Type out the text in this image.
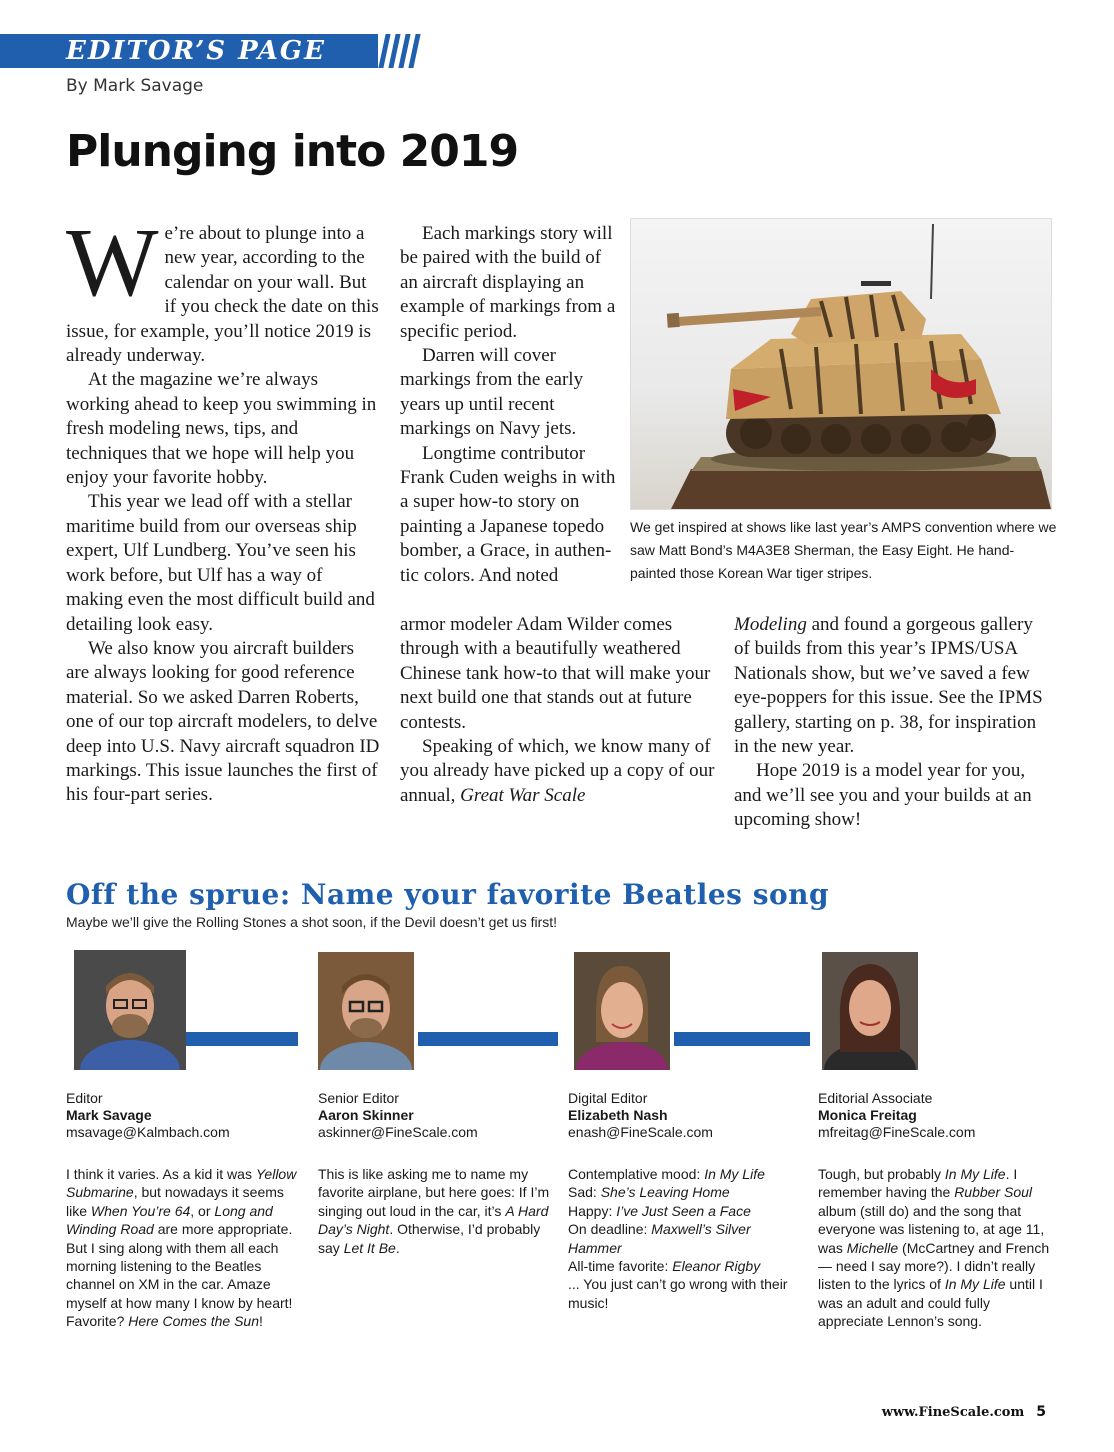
EDITOR’S PAGE
By Mark Savage
Plunging into 2019

We’re about to plunge into a new year, according to the calendar on your wall. But if you check the date on this issue, for example, you’ll notice 2019 is already underway.

At the magazine we’re always working ahead to keep you swimming in fresh modeling news, tips, and techniques that we hope will help you enjoy your favorite hobby.

This year we lead off with a stellar maritime build from our overseas ship expert, Ulf Lundberg. You’ve seen his work before, but Ulf has a way of making even the most difficult build and detailing look easy.

We also know you aircraft builders are always looking for good reference material. So we asked Darren Roberts, one of our top aircraft modelers, to delve deep into U.S. Navy aircraft squadron ID markings. This issue launches the first of his four-part series.

Each markings story will be paired with the build of an aircraft displaying an example of markings from a specific period.

Darren will cover markings from the early years up until recent markings on Navy jets.

Longtime contributor Frank Cuden weighs in with a super how-to story on painting a Japanese topedo bomber, a Grace, in authentic colors. And noted

armor modeler Adam Wilder comes through with a beautifully weathered Chinese tank how-to that will make your next build one that stands out at future contests.

Speaking of which, we know many of you already have picked up a copy of our annual, Great War Scale

Modeling and found a gorgeous gallery of builds from this year’s IPMS/USA Nationals show, but we’ve saved a few eye-poppers for this issue. See the IPMS gallery, starting on p. 38, for inspiration in the new year.

Hope 2019 is a model year for you, and we’ll see you and your builds at an upcoming show!

We get inspired at shows like last year’s AMPS convention where we saw Matt Bond’s M4A3E8 Sherman, the Easy Eight. He hand-painted those Korean War tiger stripes.
Off the sprue: Name your favorite Beatles song
Maybe we’ll give the Rolling Stones a shot soon, if the Devil doesn’t get us first!
Editor
Mark Savage
msavage@Kalmbach.com
Senior Editor
Aaron Skinner
askinner@FineScale.com
Digital Editor
Elizabeth Nash
enash@FineScale.com
Editorial Associate
Monica Freitag
mfreitag@FineScale.com

I think it varies. As a kid it was Yellow Submarine, but nowadays it seems like When You’re 64, or Long and Winding Road are more appropriate. But I sing along with them all each morning listening to the Beatles channel on XM in the car. Amaze myself at how many I know by heart! Favorite? Here Comes the Sun!

This is like asking me to name my favorite airplane, but here goes: If I’m singing out loud in the car, it’s A Hard Day’s Night. Otherwise, I’d probably say Let It Be.

Contemplative mood: In My Life

Sad: She’s Leaving Home

Happy: I’ve Just Seen a Face

On deadline: Maxwell’s Silver Hammer

All-time favorite: Eleanor Rigby

... You just can’t go wrong with their music!

Tough, but probably In My Life. I remember having the Rubber Soul album (still do) and the song that everyone was listening to, at age 11, was Michelle (McCartney and French — need I say more?). I didn’t really listen to the lyrics of In My Life until I was an adult and could fully appreciate Lennon’s song.

www.FineScale.com 5
